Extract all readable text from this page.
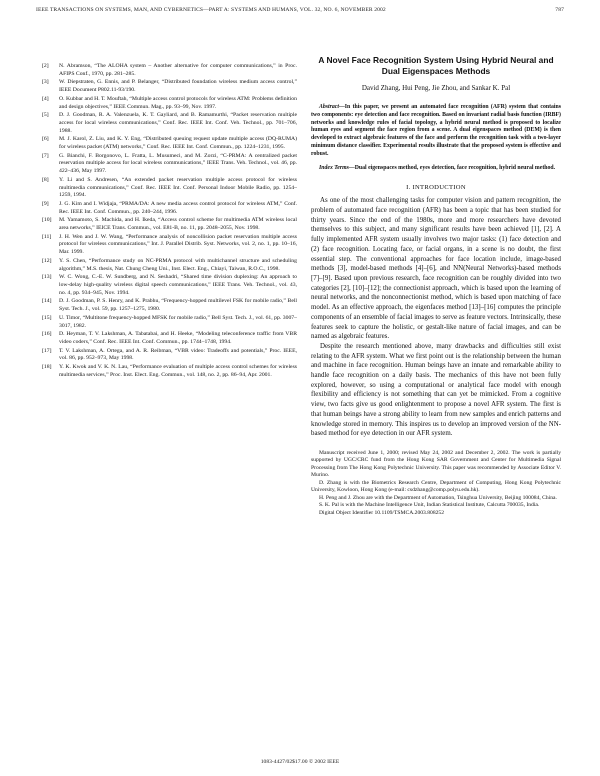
IEEE TRANSACTIONS ON SYSTEMS, MAN, AND CYBERNETICS—PART A: SYSTEMS AND HUMANS, VOL. 32, NO. 6, NOVEMBER 2002	787
[2]	N. Abramson, “The ALOHA system – Another alternative for computer communications,” in Proc. AFIPS Conf., 1970, pp. 281–285.
[3]	W. Diepstraten, G. Ennis, and P. Belanger, “Distributed foundation wireless medium access control,” IEEE Document P802.11-93/190.
[4]	O. Kubbar and H. T. Mouftah, “Multiple access control protocols for wireless ATM: Problems definition and design objectives,” IEEE Commun. Mag., pp. 93–99, Nov. 1997.
[5]	D. J. Goodman, R. A. Valenzuela, K. T. Gayliard, and B. Ramamurthi, “Packet reservation multiple access for local wireless communications,” Conf. Rec. IEEE Int. Conf. Veh. Technol., pp. 701–706, 1988.
[6]	M. J. Karol, Z. Liu, and K. Y. Eng, “Distributed queuing request update multiple access (DQ-RUMA) for wireless packet (ATM) networks,” Conf. Rec. IEEE Int. Conf. Commun., pp. 1224–1231, 1995.
[7]	G. Bianchi, F. Borgonovo, L. Fratta, L. Musumeci, and M. Zorzi, “C-PRMA: A centralized packet reservation multiple access for local wireless communications,” IEEE Trans. Veh. Technol., vol. 46, pp. 422–436, May 1997.
[8]	Y. Li and S. Andresen, “An extended packet reservation multiple access protocol for wireless multimedia communications,” Conf. Rec. IEEE Int. Conf. Personal Indoor Mobile Radio, pp. 1254–1259, 1994.
[9]	J. G. Kim and I. Widjaja, “PRMA/DA: A new media access control protocol for wireless ATM,” Conf. Rec. IEEE Int. Conf. Commun., pp. 240–244, 1996.
[10]	M. Yamamoto, S. Machida, and H. Ikeda, “Access control scheme for multimedia ATM wireless local area networks,” IEICE Trans. Commun., vol. E81-B, no. 11, pp. 2048–2055, Nov. 1998.
[11]	J. H. Wen and J. W. Wang, “Performance analysis of noncollision packet reservation multiple access protocol for wireless communications,” Int. J. Parallel Distrib. Syst. Networks, vol. 2, no. 1, pp. 10–16, Mar. 1999.
[12]	Y. S. Chen, “Performance study on NC-PRMA protocol with multichannel structure and scheduling algorithm,” M.S. thesis, Nat. Chung Cheng Uni., Inst. Elect. Eng., Chiayi, Taiwan, R.O.C., 1998.
[13]	W. C. Wong, C.-E. W. Sundberg, and N. Seshadri, “Shared time division duplexing: An approach to low-delay high-quality wireless digital speech communications,” IEEE Trans. Veh. Technol., vol. 43, no. 4, pp. 934–945, Nov. 1994.
[14]	D. J. Goodman, P. S. Henry, and K. Prabhu, “Frequency-hopped multilevel FSK for mobile radio,” Bell Syst. Tech. J., vol. 59, pp. 1257–1275, 1980.
[15]	U. Timor, “Multitone frequency-hopped MFSK for mobile radio,” Bell Syst. Tech. J., vol. 61, pp. 3007–3017, 1982.
[16]	D. Heyman, T. V. Lakshman, A. Tabatabai, and H. Heeke, “Modeling teleconference traffic from VBR video coders,” Conf. Rec. IEEE Int. Conf. Commun., pp. 1744–1748, 1994.
[17]	T. V. Lakshman, A. Ortega, and A. R. Reibman, “VBR video: Tradeoffs and potentials,” Proc. IEEE, vol. 86, pp. 952–973, May 1998.
[18]	Y. K. Kwok and V. K. N. Lau, “Performance evaluation of multiple access control schemes for wireless multimedia services,” Proc. Inst. Elect. Eng. Commun., vol. 148, no. 2, pp. 86–94, Apr. 2001.
A Novel Face Recognition System Using Hybrid Neural and Dual Eigenspaces Methods
David Zhang, Hui Peng, Jie Zhou, and Sankar K. Pal

Abstract—In this paper, we present an automated face recognition (AFR) system that contains two components: eye detection and face recognition. Based on invariant radial basis function (IRBF) networks and knowledge rules of facial topology, a hybrid neural method is proposed to localize human eyes and segment the face region from a scene. A dual eigenspaces method (DEM) is then developed to extract algebraic features of the face and perform the recognition task with a two-layer minimum distance classifier. Experimental results illustrate that the proposed system is effective and robust.

Index Terms—Dual eigenspaces method, eyes detection, face recognition, hybrid neural method.

I. INTRODUCTION

As one of the most challenging tasks for computer vision and pattern recognition, the problem of automated face recognition (AFR) has been a topic that has been studied for thirty years. Since the end of the 1980s, more and more researchers have devoted themselves to this subject, and many significant results have been achieved [1], [2]. A fully implemented AFR system usually involves two major tasks: (1) face detection and (2) face recognition. Locating face, or facial organs, in a scene is no doubt, the first essential step. The conventional approaches for face location include, image-based methods [3], model-based methods [4]–[6], and NN(Neural Networks)-based methods [7]–[9]. Based upon previous research, face recognition can be roughly divided into two categories [2], [10]–[12]; the connectionist approach, which is based upon the learning of neural networks, and the nonconnectionist method, which is based upon matching of face model. As an effective approach, the eigenfaces method [13]–[16] computes the principle components of an ensemble of facial images to serve as feature vectors. Intrinsically, these features seek to capture the holistic, or gestalt-like nature of facial images, and can be named as algebraic features.

Despite the research mentioned above, many drawbacks and difficulties still exist relating to the AFR system. What we first point out is the relationship between the human and machine in face recognition. Human beings have an innate and remarkable ability to handle face recognition on a daily basis. The mechanics of this have not been fully explored, however, so using a computational or analytical face model with enough flexibility and efficiency is not something that can yet be mimicked. From a cognitive view, two facts give us good enlightenment to propose a novel AFR system. The first is that human beings have a strong ability to learn from new samples and enrich patterns and knowledge stored in memory. This inspires us to develop an improved version of the NN-based method for eye detection in our AFR system.

Manuscript received June 1, 2000; revised May 24, 2002 and December 2, 2002. The work is partially supported by UGC/CRC fund from the Hong Kong SAR Government and Center for Multimedia Signal Processing from The Hong Kong Polytechnic University. This paper was recommended by Associate Editor V. Murino.

D. Zhang is with the Biometrics Research Centre, Department of Computing, Hong Kong Polytechnic University, Kowloon, Hong Kong (e-mail: csdzhang@comp.polyu.edu.hk).

H. Peng and J. Zhou are with the Department of Automation, Tsinghua University, Beijing 100084, China.

S. K. Pal is with the Machine Intelligence Unit, Indian Statistical Institute, Calcutta 700035, India.

Digital Object Identifier 10.1109/TSMCA.2003.808252

1083-4427/02$17.00 © 2002 IEEE
